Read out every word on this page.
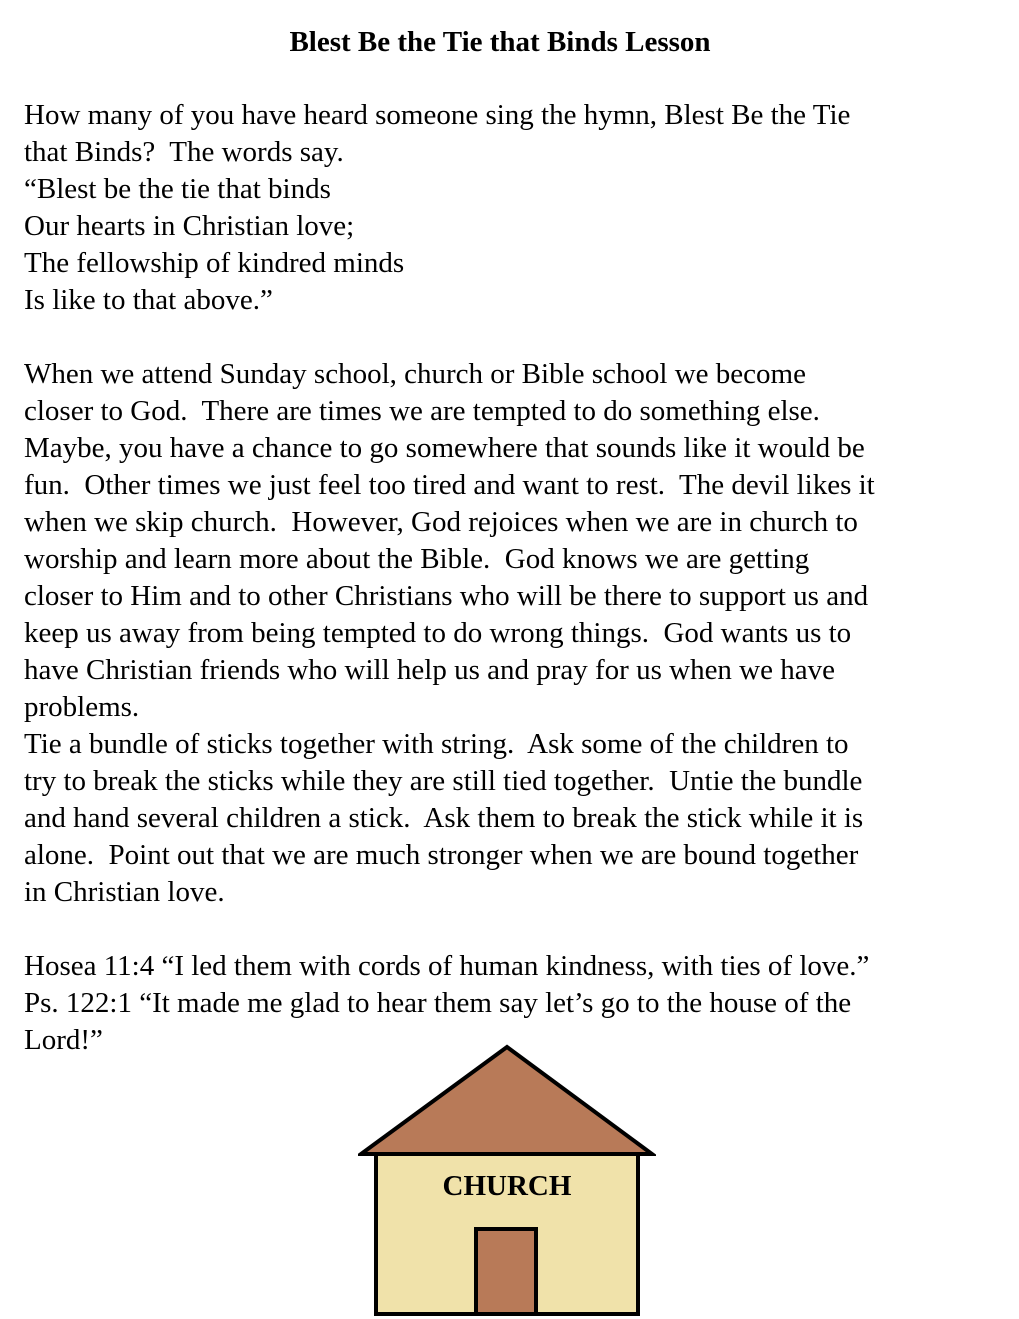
Blest Be the Tie that Binds Lesson
How many of you have heard someone sing the hymn, Blest Be the Tie
that Binds?  The words say.
“Blest be the tie that binds
Our hearts in Christian love;
The fellowship of kindred minds
Is like to that above.”
When we attend Sunday school, church or Bible school we become
closer to God.  There are times we are tempted to do something else.
Maybe, you have a chance to go somewhere that sounds like it would be
fun.  Other times we just feel too tired and want to rest.  The devil likes it
when we skip church.  However, God rejoices when we are in church to
worship and learn more about the Bible.  God knows we are getting
closer to Him and to other Christians who will be there to support us and
keep us away from being tempted to do wrong things.  God wants us to
have Christian friends who will help us and pray for us when we have
problems.
Tie a bundle of sticks together with string.  Ask some of the children to
try to break the sticks while they are still tied together.  Untie the bundle
and hand several children a stick.  Ask them to break the stick while it is
alone.  Point out that we are much stronger when we are bound together
in Christian love.
Hosea 11:4 “I led them with cords of human kindness, with ties of love.”
Ps. 122:1 “It made me glad to hear them say let’s go to the house of the
Lord!”
CHURCH
